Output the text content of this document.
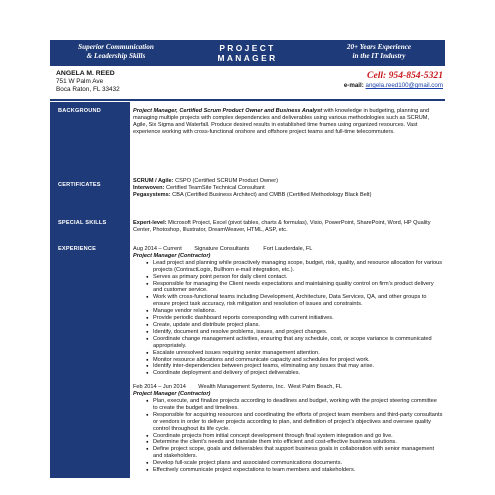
Superior Communication
& Leadership Skills
PROJECT
MANAGER
20+ Years Experience
in the IT Industry
ANGELA M. REED
751 W Palm Ave
Boca Raton, FL 33432
Cell: 954-854-5321
e-mail: angela.reed100@gmail.com
BACKGROUND
CERTIFICATES
SPECIAL SKILLS
EXPERIENCE
Project Manager, Certified Scrum Product Owner and Business Analyst with knowledge in budgeting, planning and managing multiple projects with complex dependencies and deliverables using various methodologies such as SCRUM, Agile, Six Sigma and Waterfall. Produce desired results in established time frames using organized resources. Vast experience working with cross-functional onshore and offshore project teams and full-time telecommuters.
SCRUM / Agile: CSPO (Certified SCRUM Product Owner)
Interwoven: Certified TeamSite Technical Consultant
Pegasystems: CBA (Certified Business Architect) and CMBB (Certified Methodology Black Belt)
Expert-level: Microsoft Project, Excel (pivot tables, charts & formulas), Visio, PowerPoint, SharePoint, Word, HP Quality Center, Photoshop, Illustrator, DreamWeaver, HTML, ASP, etc.
Aug 2014 – Current        Signature Consultants         Fort Lauderdale, FL
Project Manager (Contractor)
● Lead project and planning while proactively managing scope, budget, risk, quality, and resource allocation for various projects (ContractLogix, Bullhorn e-mail integration, etc.).
● Serves as primary point person for daily client contact.
● Responsible for managing the Client needs expectations and maintaining quality control on firm’s product delivery and customer service.
● Work with cross-functional teams including Development, Architecture, Data Services, QA, and other groups to ensure project task accuracy, risk mitigation and resolution of issues and constraints.
● Manage vendor relations.
● Provide periodic dashboard reports corresponding with current initiatives.
● Create, update and distribute project plans.
● Identify, document and resolve problems, issues, and project changes.
● Coordinate change management activities, ensuring that any schedule, cost, or scope variance is communicated appropriately.
● Escalate unresolved issues requiring senior management attention.
● Monitor resource allocations and communicate capacity and schedules for project work.
● Identify inter-dependencies between project teams, eliminating any issues that may arise.
● Coordinate deployment and delivery of project deliverables.
Feb 2014 – Jun 2014        Wealth Management Systems, Inc.  West Palm Beach, FL
Project Manager (Contractor)
● Plan, execute, and finalize projects according to deadlines and budget, working with the project steering committee to create the budget and timelines.
● Responsible for acquiring resources and coordinating the efforts of project team members and third-party consultants or vendors in order to deliver projects according to plan, and definition of project’s objectives and oversee quality control throughout its life cycle.
● Coordinate projects from initial concept development through final system integration and go live.
● Determine the client’s needs and translate them into efficient and cost-effective business solutions.
● Define project scope, goals and deliverables that support business goals in collaboration with senior management and stakeholders.
● Develop full-scale project plans and associated communications documents.
● Effectively communicate project expectations to team members and stakeholders.
